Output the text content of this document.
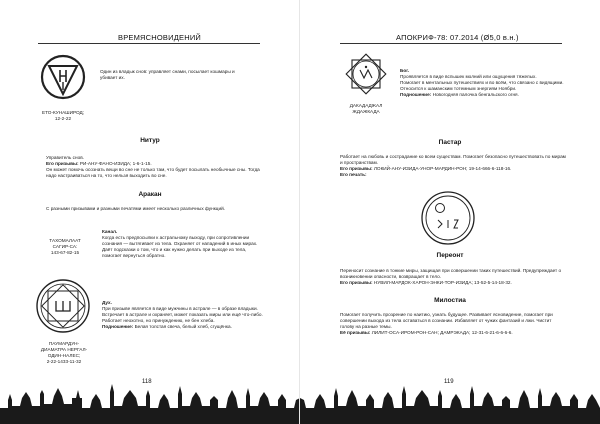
ВРЕМЯСНОВИДЕНИЙ
Один из владык снов: управляет снами, посылает кошмары и убивает их.
ЕТО-КУНАШИРОД;
12-2-22
Нитур
Управитель снов.
Его призывы: РИ-АНУ-ФАНО-ИЗИДА; 1-6-1-15.
Он может помочь осознать вещи во сне не только там, что будет посылать необычные сны. Тогда надо настраиваться на то, что нельзя выходить во сне.
Аракан
С разными призывами и разными печатями имеет несколько различных функций.
ТАХОМАЛААТ
САГИР-СА:
143-67-82-15
Канал.
Когда есть предпосылки к астральному выходу, при сопротивлении сознания — вытягивает из тела. Охраняет от нападений в иных мирах. Даёт подсказки о том, что и как нужно делать при выходе из тела, помогает вернуться обратно.
· · ·
ПАУМАРДУН-
ДИАМАТРА НЕРГАЛ-
ОДИН-НАЛЕС;
2-22-1433-11-32
Дух.
При призыве является в виде мужчины в астрале — в образе владыки. Встречает в астрале и охраняет, может показать миры или ещё что-либо. Работает неохотно, но принуждению, не бен хлеба.
Подношение: Белая толстая свеча, белый хлеб, сгущёнка.
118
АПОКРИФ-78: 07.2014 (Ø5,0 в.н.)
ДАКАДАДЖАЛ
ЖДАЖКАДА
Бог.
Проявляется в виде вспышек молний или ощущения тяжелых.
Помогает в ментальных путешествиях и во всём, что связано с видящими.
Относится к шаманским тотемным энергиям Ноябри.
Подношение: Новогодняя палочка бенгальского огня.
Пастар
Работает на любовь и сострадание ко всем существам. Помогает безопасно путешествовать по мирам и пространствам.
Его призывы: ЛОКИЙ-АНУ-ИЗИДА-УНОР-МАРДИН-РОН; 19-14-666-6-118-16.
Его печать:
Переонт
Переносит сознание в тонкие миры, защищая при совершении таких путешествий. Предупреждает о возникновении опасности, возвращает в тело.
Его призывы: НУВИЛ-МАРДОК-ХАРОН-ЭНКИ-ТОР-ИЗИДА; 13-52-5-14-18-32.
Милостиа
Помогает получить прозрение по наитию, узнать будущее. Развивает ясновидение, помогает при совершении выхода из тела оставаться в сознании. Избавляет от чужих фантазий и лжи. Чистит голову на разные темы.
Её призывы: ЛИЛИТ-ОСА-ИРОМ-РОН-САН; ДАМРЭКАДА; 12-31-6-21-6-6-6-6.
119
